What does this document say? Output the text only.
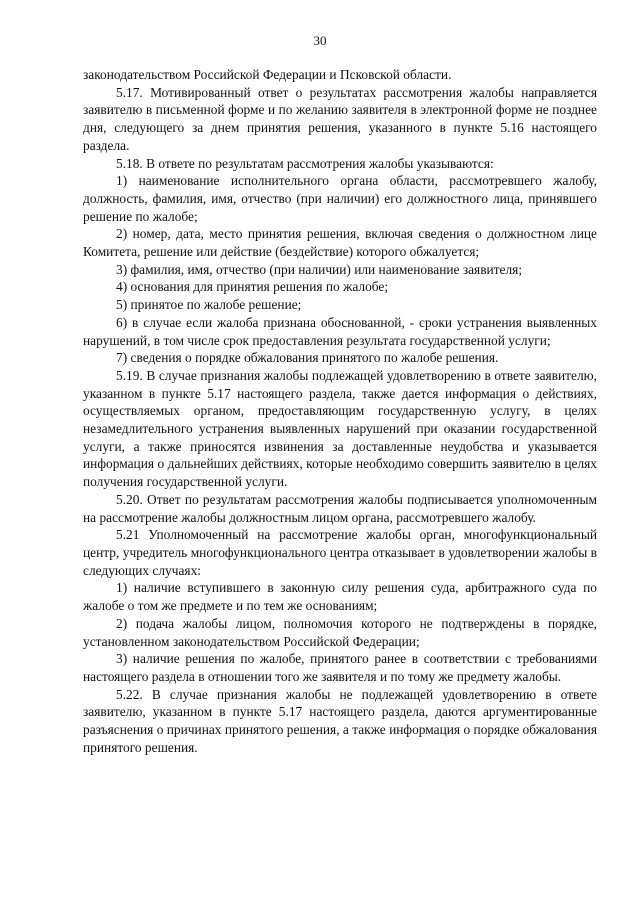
30

законодательством Российской Федерации и Псковской области.

5.17. Мотивированный ответ о результатах рассмотрения жалобы направляется заявителю в письменной форме и по желанию заявителя в электронной форме не позднее дня, следующего за днем принятия решения, указанного в пункте 5.16 настоящего раздела.

5.18. В ответе по результатам рассмотрения жалобы указываются:

1) наименование исполнительного органа области, рассмотревшего жалобу, должность, фамилия, имя, отчество (при наличии) его должностного лица, принявшего решение по жалобе;

2) номер, дата, место принятия решения, включая сведения о должностном лице Комитета, решение или действие (бездействие) которого обжалуется;

3) фамилия, имя, отчество (при наличии) или наименование заявителя;

4) основания для принятия решения по жалобе;

5) принятое по жалобе решение;

6) в случае если жалоба признана обоснованной, - сроки устранения выявленных нарушений, в том числе срок предоставления результата государственной услуги;

7) сведения о порядке обжалования принятого по жалобе решения.

5.19. В случае признания жалобы подлежащей удовлетворению в ответе заявителю, указанном в пункте 5.17 настоящего раздела, также дается информация о действиях, осуществляемых органом, предоставляющим государственную услугу, в целях незамедлительного устранения выявленных нарушений при оказании государственной услуги, а также приносятся извинения за доставленные неудобства и указывается информация о дальнейших действиях, которые необходимо совершить заявителю в целях получения государственной услуги.

5.20. Ответ по результатам рассмотрения жалобы подписывается уполномоченным на рассмотрение жалобы должностным лицом органа, рассмотревшего жалобу.

5.21 Уполномоченный на рассмотрение жалобы орган, многофункциональный центр, учредитель многофункционального центра отказывает в удовлетворении жалобы в следующих случаях:

1) наличие вступившего в законную силу решения суда, арбитражного суда по жалобе о том же предмете и по тем же основаниям;

2) подача жалобы лицом, полномочия которого не подтверждены в порядке, установленном законодательством Российской Федерации;

3) наличие решения по жалобе, принятого ранее в соответствии с требованиями настоящего раздела в отношении того же заявителя и по тому же предмету жалобы.

5.22. В случае признания жалобы не подлежащей удовлетворению в ответе заявителю, указанном в пункте 5.17 настоящего раздела, даются аргументированные разъяснения о причинах принятого решения, а также информация о порядке обжалования принятого решения.
